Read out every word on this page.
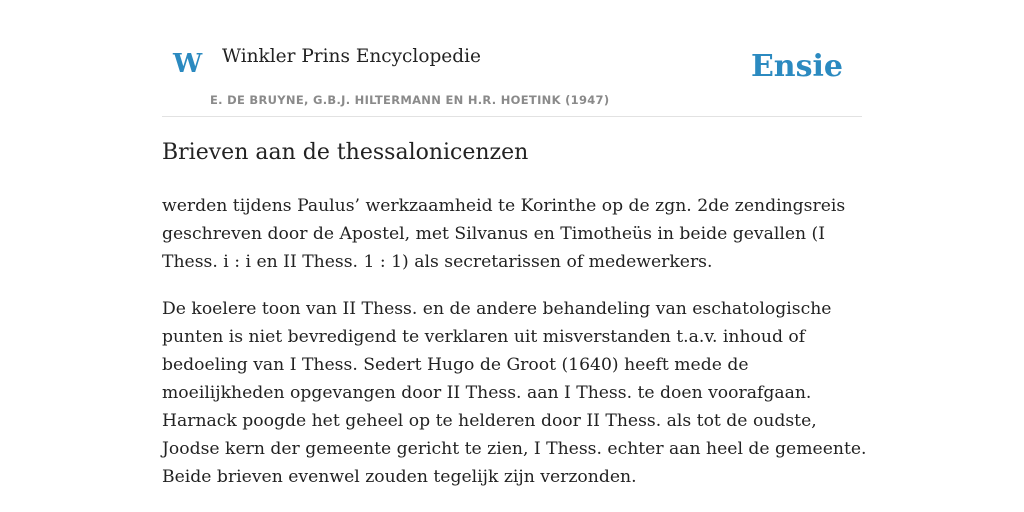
W Winkler Prins Encyclopedie
E. DE BRUYNE, G.B.J. HILTERMANN EN H.R. HOETINK (1947)
Ensie
Brieven aan de thessalonicenzen

werden tijdens Paulus’ werkzaamheid te Korinthe op de zgn. 2de zendingsreis geschreven door de Apostel, met Silvanus en Timotheüs in beide gevallen (I Thess. i : i en II Thess. 1 : 1) als secretarissen of medewerkers.

De koelere toon van II Thess. en de andere behandeling van eschatologische punten is niet bevredigend te verklaren uit misverstanden t.a.v. inhoud of bedoeling van I Thess. Sedert Hugo de Groot (1640) heeft mede de moeilijkheden opgevangen door II Thess. aan I Thess. te doen voorafgaan. Harnack poogde het geheel op te helderen door II Thess. als tot de oudste, Joodse kern der gemeente gericht te zien, I Thess. echter aan heel de gemeente. Beide brieven evenwel zouden tegelijk zijn verzonden.
